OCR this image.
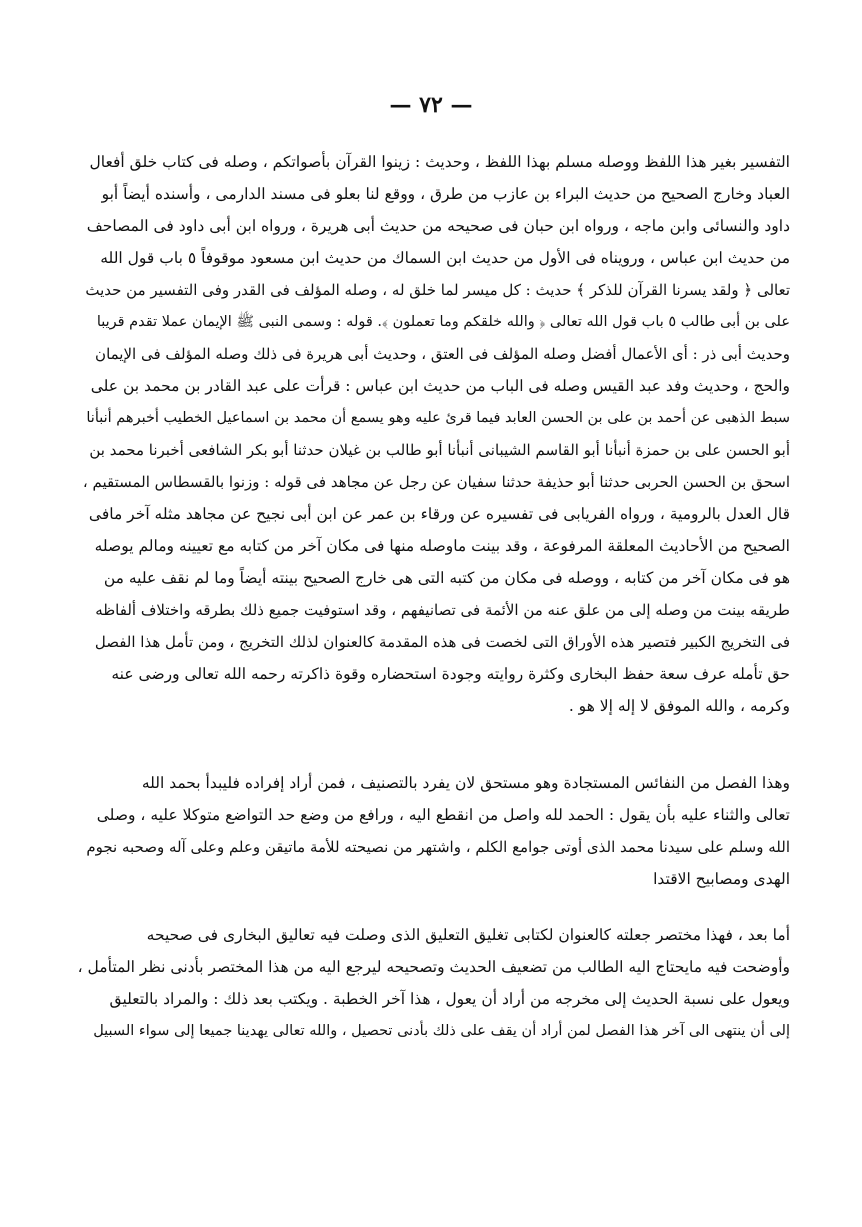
— ٧٢ —
التفسير بغير هذا اللفظ ووصله مسلم بهذا اللفظ ، وحديث : زينوا القرآن بأصواتكم ، وصله فى كتاب خلق أفعال
العباد وخارج الصحيح من حديث البراء بن عازب من طرق ، ووقع لنا بعلو فى مسند الدارمى ، وأسنده أيضاً أبو
داود والنسائى وابن ماجه ، ورواه ابن حبان فى صحيحه من حديث أبى هريرة ، ورواه ابن أبى داود فى المصاحف
من حديث ابن عباس ، ورويناه فى الأول من حديث ابن السماك من حديث ابن مسعود موقوفاً ٥ باب قول الله
تعالى ﴿ ولقد يسرنا القرآن للذكر ﴾ حديث : كل ميسر لما خلق له ، وصله المؤلف فى القدر وفى التفسير من حديث
على بن أبى طالب ٥ باب قول الله تعالى ﴿ والله خلقكم وما تعملون ﴾. قوله : وسمى النبى ﷺ الإيمان عملا تقدم قريبا
وحديث أبى ذر : أى الأعمال أفضل وصله المؤلف فى العتق ، وحديث أبى هريرة فى ذلك وصله المؤلف فى الإيمان
والحج ، وحديث وفد عبد القيس وصله فى الباب من حديث ابن عباس : قرأت على عبد القادر بن محمد بن على
سبط الذهبى عن أحمد بن على بن الحسن العابد فيما قرئ عليه وهو يسمع أن محمد بن اسماعيل الخطيب أخبرهم أنبأنا
أبو الحسن على بن حمزة أنبأنا أبو القاسم الشيبانى أنبأنا أبو طالب بن غيلان حدثنا أبو بكر الشافعى أخبرنا محمد بن
اسحق بن الحسن الحربى حدثنا أبو حذيفة حدثنا سفيان عن رجل عن مجاهد فى قوله : وزنوا بالقسطاس المستقيم ،
قال العدل بالرومية ، ورواه الفريابى فى تفسيره عن ورقاء بن عمر عن ابن أبى نجيح عن مجاهد مثله آخر مافى
الصحيح من الأحاديث المعلقة المرفوعة ، وقد بينت ماوصله منها فى مكان آخر من كتابه مع تعيينه ومالم يوصله
هو فى مكان آخر من كتابه ، ووصله فى مكان من كتبه التى هى خارج الصحيح بينته أيضاً وما لم نقف عليه من
طريقه بينت من وصله إلى من علق عنه من الأئمة فى تصانيفهم ، وقد استوفيت جميع ذلك بطرقه واختلاف ألفاظه
فى التخريج الكبير فتصير هذه الأوراق التى لخصت فى هذه المقدمة كالعنوان لذلك التخريج ، ومن تأمل هذا الفصل
حق تأمله عرف سعة حفظ البخارى وكثرة روايته وجودة استحضاره وقوة ذاكرته رحمه الله تعالى ورضى عنه
وكرمه ، والله الموفق لا إله إلا هو .
وهذا الفصل من النفائس المستجادة وهو مستحق لان يفرد بالتصنيف ، فمن أراد إفراده فليبدأ بحمد الله
تعالى والثناء عليه بأن يقول : الحمد لله واصل من انقطع اليه ، ورافع من وضع حد التواضع متوكلا عليه ، وصلى
الله وسلم على سيدنا محمد الذى أوتى جوامع الكلم ، واشتهر من نصيحته للأمة ماتيقن وعلم وعلى آله وصحبه نجوم
الهدى ومصابيح الاقتدا
أما بعد ، فهذا مختصر جعلته كالعنوان لكتابى تغليق التعليق الذى وصلت فيه تعاليق البخارى فى صحيحه
وأوضحت فيه مايحتاج اليه الطالب من تضعيف الحديث وتصحيحه ليرجع اليه من هذا المختصر بأدنى نظر المتأمل ،
ويعول على نسبة الحديث إلى مخرجه من أراد أن يعول ، هذا آخر الخطبة . ويكتب بعد ذلك : والمراد بالتعليق
إلى أن ينتهى الى آخر هذا الفصل لمن أراد أن يقف على ذلك بأدنى تحصيل ، والله تعالى يهدينا جميعا إلى سواء السبيل
